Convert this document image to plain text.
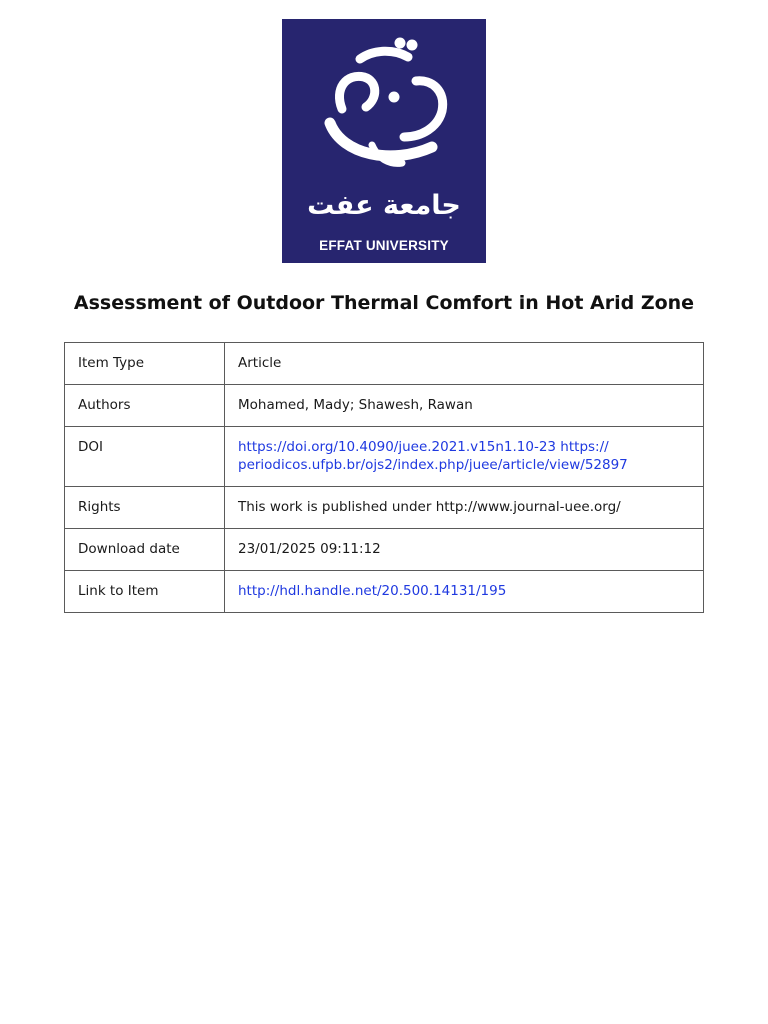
جامعة عفت
EFFAT UNIVERSITY
Assessment of Outdoor Thermal Comfort in Hot Arid Zone
Item Type	Article
Authors	Mohamed, Mady; Shawesh, Rawan
DOI	https://doi.org/10.4090/juee.2021.v15n1.10-23 https://
periodicos.ufpb.br/ojs2/index.php/juee/article/view/52897
Rights	This work is published under http://www.journal-uee.org/
Download date	23/01/2025 09:11:12
Link to Item	http://hdl.handle.net/20.500.14131/195
